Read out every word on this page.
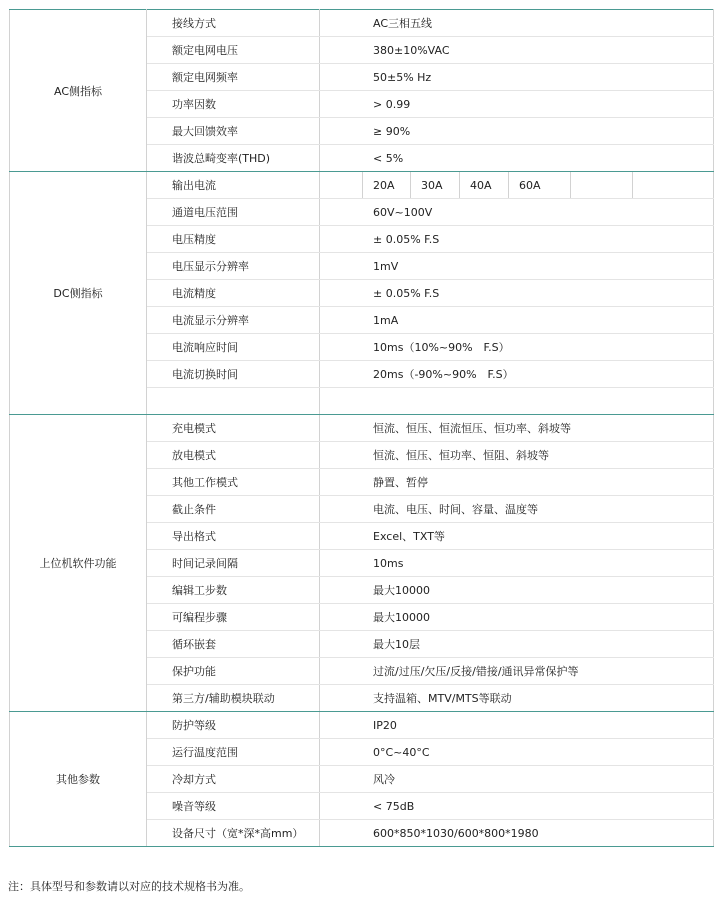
AC侧指标	接线方式	AC三相五线
	额定电网电压	380±10%VAC
	额定电网频率	50±5% Hz
	功率因数	> 0.99
	最大回馈效率	≥ 90%
	谐波总畸变率(THD)	< 5%
DC侧指标	输出电流	20A 30A 40A 60A

	通道电压范围	60V~100V
	电压精度	± 0.05% F.S
	电压显示分辨率	1mV
	电流精度	± 0.05% F.S
	电流显示分辨率	1mA
	电流响应时间	10ms（10%~90%　F.S）
	电流切换时间	20ms（-90%~90%　F.S）

上位机软件功能	充电模式	恒流、恒压、恒流恒压、恒功率、斜坡等
	放电模式	恒流、恒压、恒功率、恒阻、斜坡等
	其他工作模式	静置、暂停
	截止条件	电流、电压、时间、容量、温度等
	导出格式	Excel、TXT等
	时间记录间隔	10ms
	编辑工步数	最大10000
	可编程步骤	最大10000
	循环嵌套	最大10层
	保护功能	过流/过压/欠压/反接/错接/通讯异常保护等
	第三方/辅助模块联动	支持温箱、MTV/MTS等联动
其他参数	防护等级	IP20
	运行温度范围	0°C~40°C
	冷却方式	风冷
	噪音等级	< 75dB
	设备尺寸（宽*深*高mm）	600*850*1030/600*800*1980
注：具体型号和参数请以对应的技术规格书为准。
